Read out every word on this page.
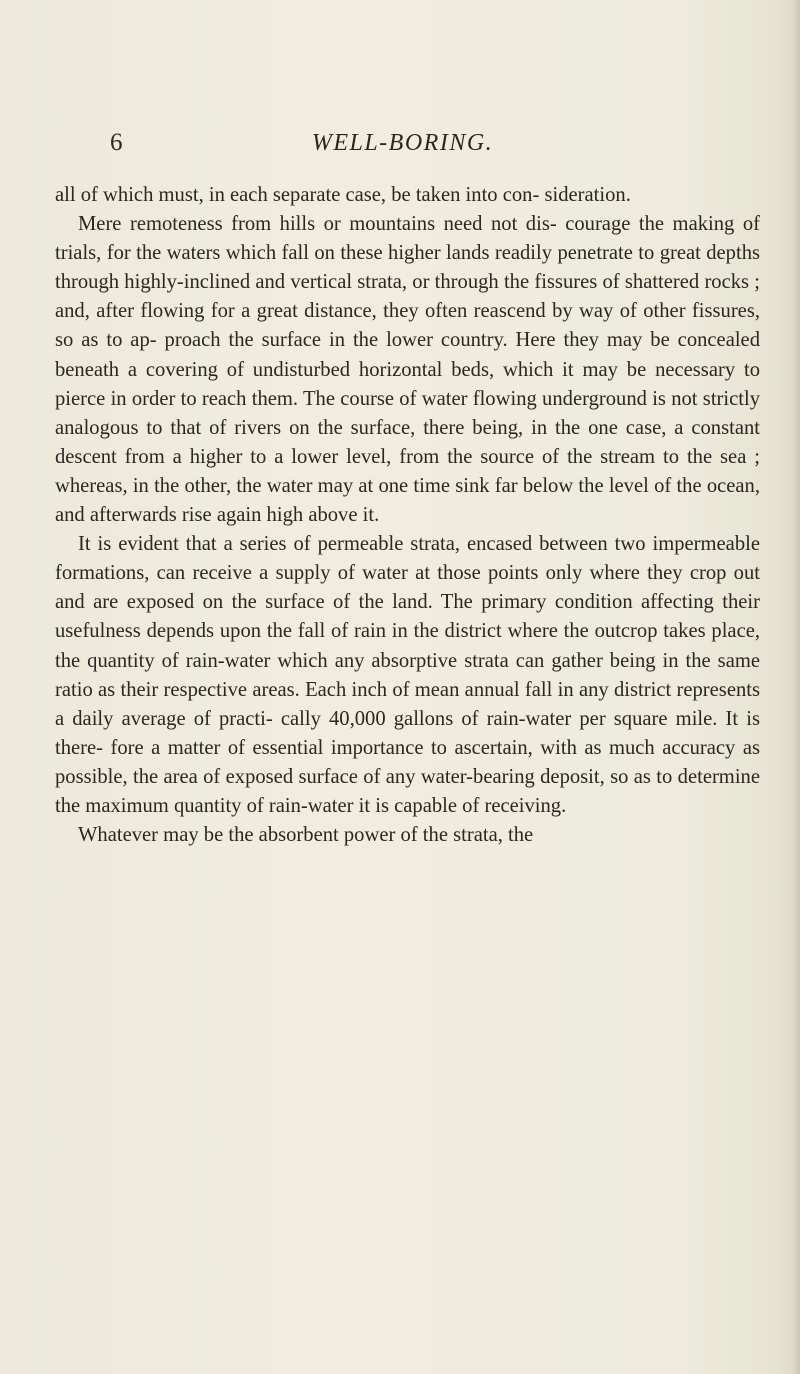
6	WELL-BORING.

all of which must, in each separate case, be taken into con- sideration.

Mere remoteness from hills or mountains need not dis- courage the making of trials, for the waters which fall on these higher lands readily penetrate to great depths through highly-inclined and vertical strata, or through the fissures of shattered rocks ; and, after flowing for a great distance, they often reascend by way of other fissures, so as to ap- proach the surface in the lower country. Here they may be concealed beneath a covering of undisturbed horizontal beds, which it may be necessary to pierce in order to reach them. The course of water flowing underground is not strictly analogous to that of rivers on the surface, there being, in the one case, a constant descent from a higher to a lower level, from the source of the stream to the sea ; whereas, in the other, the water may at one time sink far below the level of the ocean, and afterwards rise again high above it.

It is evident that a series of permeable strata, encased between two impermeable formations, can receive a supply of water at those points only where they crop out and are exposed on the surface of the land. The primary condition affecting their usefulness depends upon the fall of rain in the district where the outcrop takes place, the quantity of rain-water which any absorptive strata can gather being in the same ratio as their respective areas. Each inch of mean annual fall in any district represents a daily average of practi- cally 40,000 gallons of rain-water per square mile. It is there- fore a matter of essential importance to ascertain, with as much accuracy as possible, the area of exposed surface of any water-bearing deposit, so as to determine the maximum quantity of rain-water it is capable of receiving.

Whatever may be the absorbent power of the strata, the
